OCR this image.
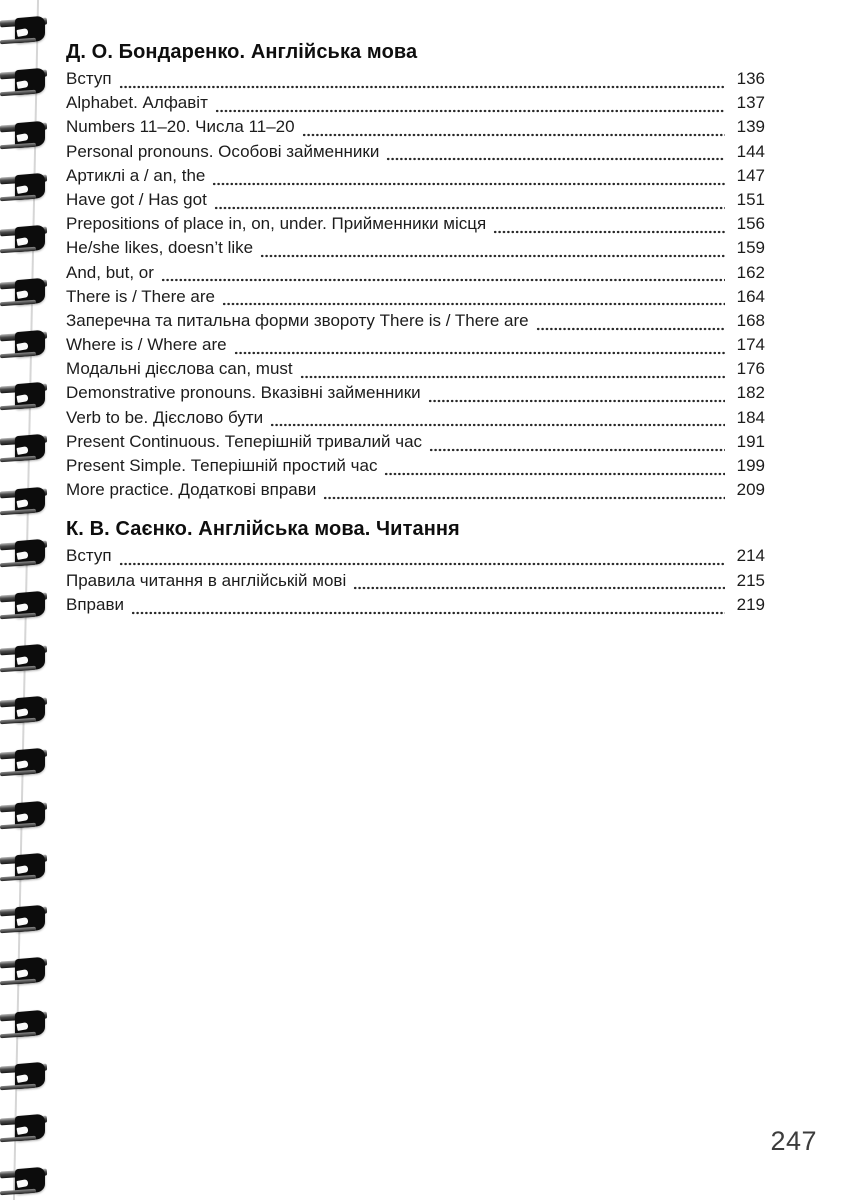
Д. О. Бондаренко. Англійська мова
Вступ	136
Alphabet. Алфавіт	137
Numbers 11–20. Числа 11–20	139
Personal pronouns. Особові займенники	144
Артиклі a / an, the	147
Have got / Has got	151
Prepositions of place in, on, under. Прийменники місця	156
He/she likes, doesn’t like	159
And, but, or	162
There is / There are	164
Заперечна та питальна форми звороту There is / There are	168
Where is / Where are	174
Модальні дієслова can, must	176
Demonstrative pronouns. Вказівні займенники	182
Verb to be. Дієслово бути	184
Present Continuous. Теперішній тривалий час	191
Present Simple. Теперішній простий час	199
More practice. Додаткові вправи	209
К. В. Саєнко. Англійська мова. Читання
Вступ	214
Правила читання в англійській мові	215
Вправи	219
247
